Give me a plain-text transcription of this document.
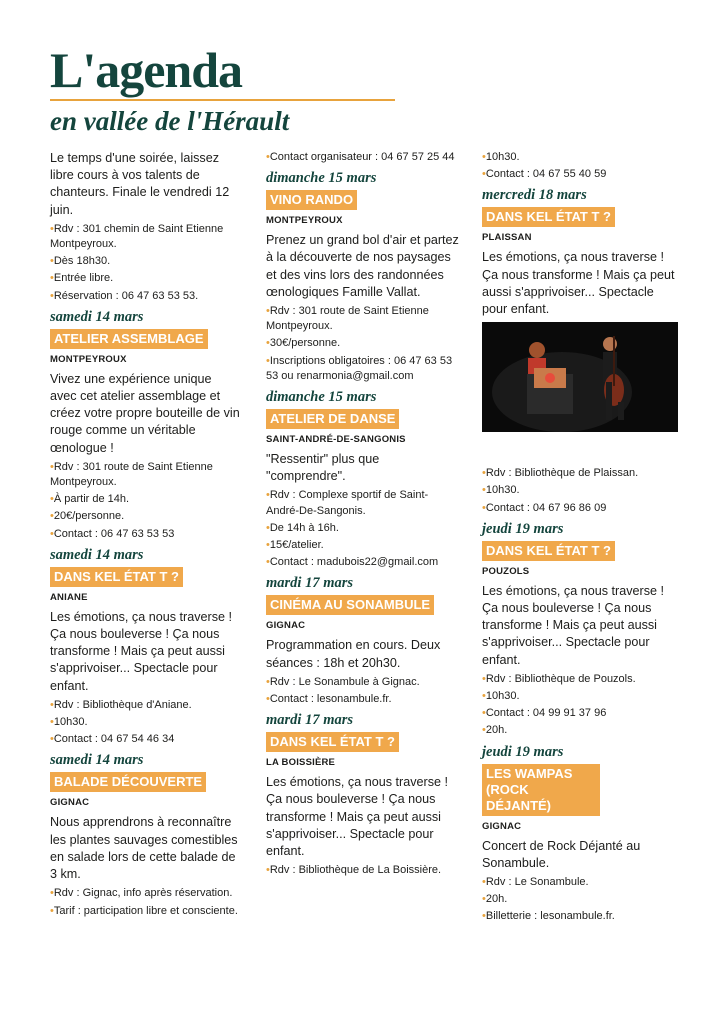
L'agenda
en vallée de l'Hérault
Le temps d'une soirée, laissez libre cours à vos talents de chanteurs. Finale le vendredi 12 juin.
•Rdv : 301 chemin de Saint Etienne Montpeyroux.
•Dès 18h30.
•Entrée libre.
•Réservation : 06 47 63 53 53.
samedi 14 mars
ATELIER ASSEMBLAGE
MONTPEYROUX
Vivez une expérience unique avec cet atelier assemblage et créez votre propre bouteille de vin rouge comme un véritable œnologue !
•Rdv : 301 route de Saint Etienne Montpeyroux.
•À partir de 14h.
•20€/personne.
•Contact : 06 47 63 53 53
samedi 14 mars
DANS KEL ÉTAT T ?
ANIANE
Les émotions, ça nous traverse ! Ça nous bouleverse ! Ça nous transforme ! Mais ça peut aussi s'apprivoiser... Spectacle pour enfant.
•Rdv : Bibliothèque d'Aniane.
•10h30.
•Contact : 04 67 54 46 34
samedi 14 mars
BALADE DÉCOUVERTE
GIGNAC
Nous apprendrons à reconnaître les plantes sauvages comestibles en salade lors de cette balade de 3 km.
•Rdv : Gignac, info après réservation.
•Tarif : participation libre et consciente.
•Contact organisateur : 04 67 57 25 44
dimanche 15 mars
VINO RANDO
MONTPEYROUX
Prenez un grand bol d'air et partez à la découverte de nos paysages et des vins lors des randonnées œnologiques Famille Vallat.
•Rdv : 301 route de Saint Etienne Montpeyroux.
•30€/personne.
•Inscriptions obligatoires : 06 47 63 53 53 ou renarmonia@gmail.com
dimanche 15 mars
ATELIER DE DANSE
SAINT-ANDRÉ-DE-SANGONIS
"Ressentir" plus que "comprendre".
•Rdv : Complexe sportif de Saint-André-De-Sangonis.
•De 14h à 16h.
•15€/atelier.
•Contact : madubois22@gmail.com
mardi 17 mars
CINÉMA AU SONAMBULE
GIGNAC
Programmation en cours. Deux séances : 18h et 20h30.
•Rdv : Le Sonambule à Gignac.
•Contact : lesonambule.fr.
mardi 17 mars
DANS KEL ÉTAT T ?
LA BOISSIÈRE
Les émotions, ça nous traverse ! Ça nous bouleverse ! Ça nous transforme ! Mais ça peut aussi s'apprivoiser... Spectacle pour enfant.
•Rdv : Bibliothèque de La Boissière.
•10h30.
•Contact : 04 67 55 40 59
mercredi 18 mars
DANS KEL ÉTAT T ?
PLAISSAN
Les émotions, ça nous traverse ! Ça nous transforme ! Mais ça peut aussi s'apprivoiser... Spectacle pour enfant.
•Rdv : Bibliothèque de Plaissan.
•10h30.
•Contact : 04 67 96 86 09
jeudi 19 mars
DANS KEL ÉTAT T ?
POUZOLS
Les émotions, ça nous traverse ! Ça nous bouleverse ! Ça nous transforme ! Mais ça peut aussi s'apprivoiser... Spectacle pour enfant.
•Rdv : Bibliothèque de Pouzols.
•10h30.
•Contact : 04 99 91 37 96
•20h.
jeudi 19 mars
LES WAMPAS (ROCK DÉJANTÉ)
GIGNAC
Concert de Rock Déjanté au Sonambule.
•Rdv : Le Sonambule.
•20h.
•Billetterie : lesonambule.fr.
